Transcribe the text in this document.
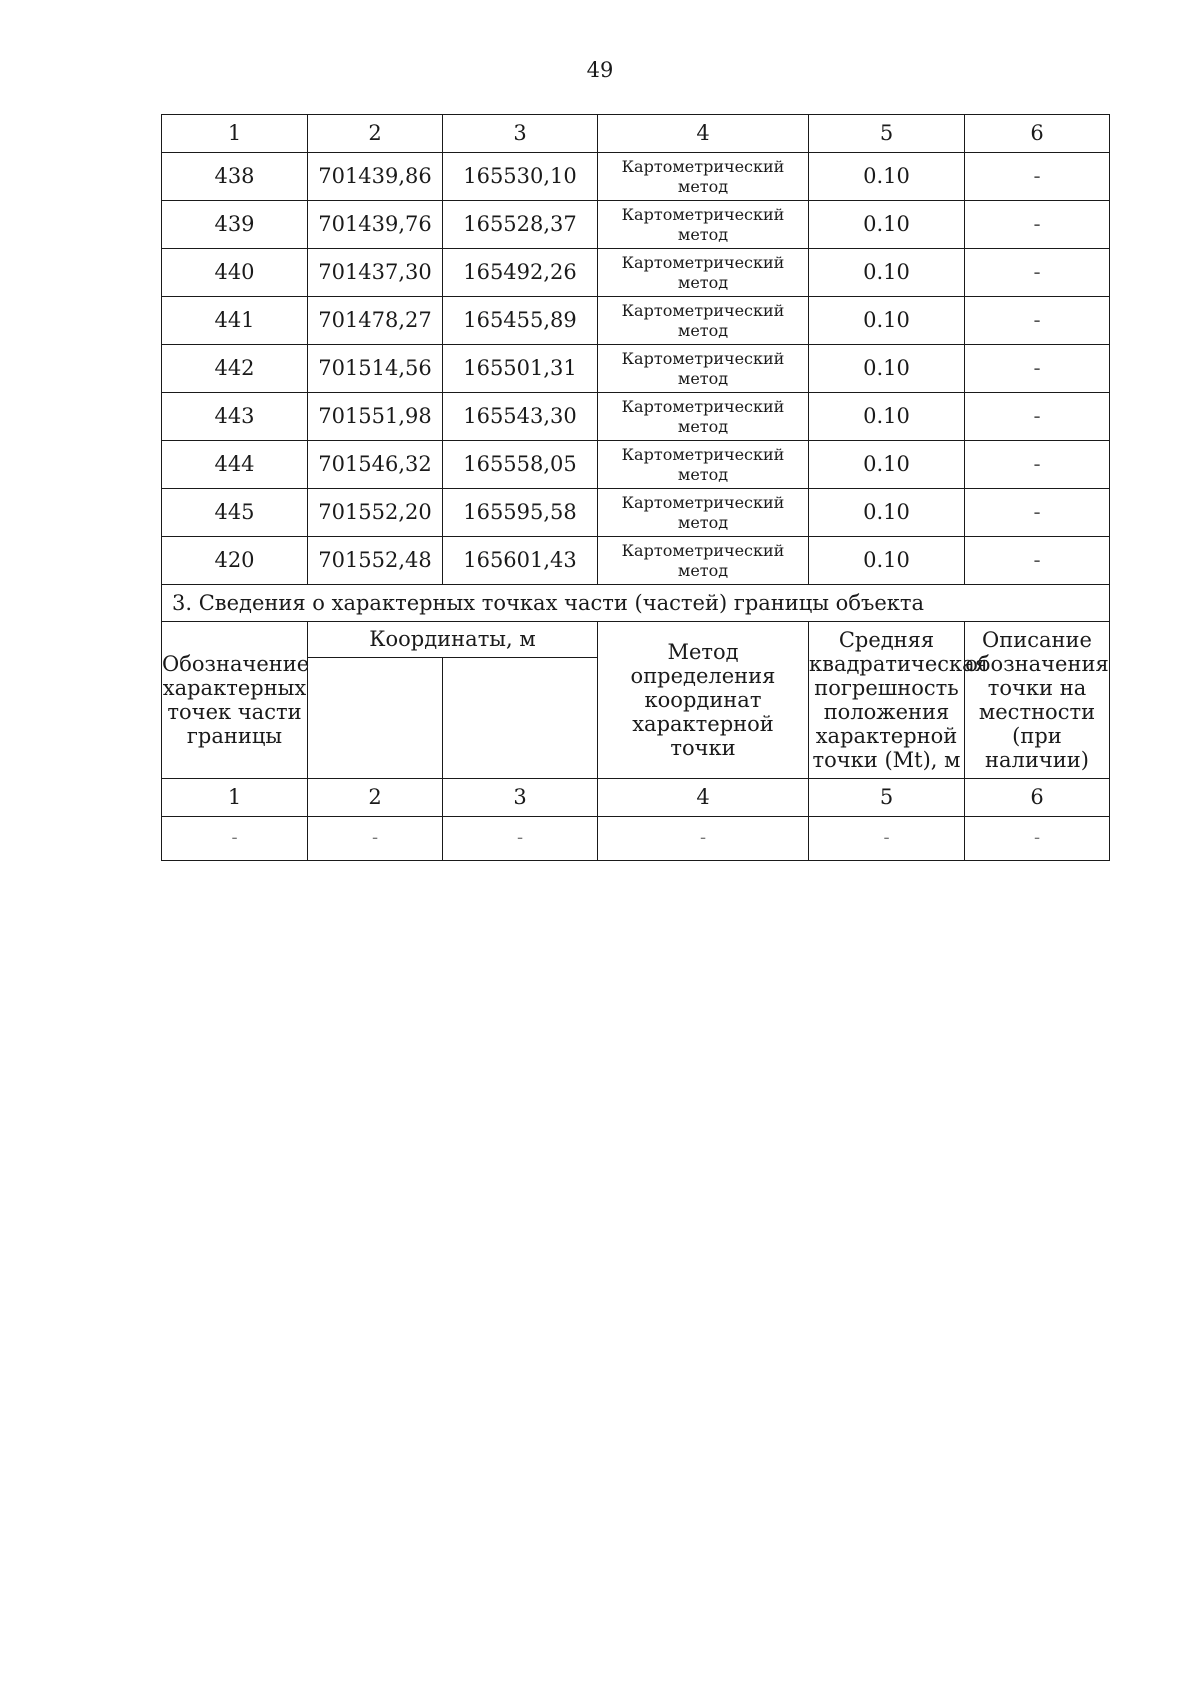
49
1	2	3	4	5	6
438	701439,86	165530,10	Картометрический метод	0.10	-
439	701439,76	165528,37	Картометрический метод	0.10	-
440	701437,30	165492,26	Картометрический метод	0.10	-
441	701478,27	165455,89	Картометрический метод	0.10	-
442	701514,56	165501,31	Картометрический метод	0.10	-
443	701551,98	165543,30	Картометрический метод	0.10	-
444	701546,32	165558,05	Картометрический метод	0.10	-
445	701552,20	165595,58	Картометрический метод	0.10	-
420	701552,48	165601,43	Картометрический метод	0.10	-
3. Сведения о характерных точках части (частей) границы объекта					
Обозначение характерных точек части границы	Координаты, м		Метод определения координат характерной точки	Средняя квадратическая погрешность положения характерной точки (Mt), м	Описание обозначения точки на местности (при наличии)

1	2	3	4	5	6
-	-	-	-	-	-
